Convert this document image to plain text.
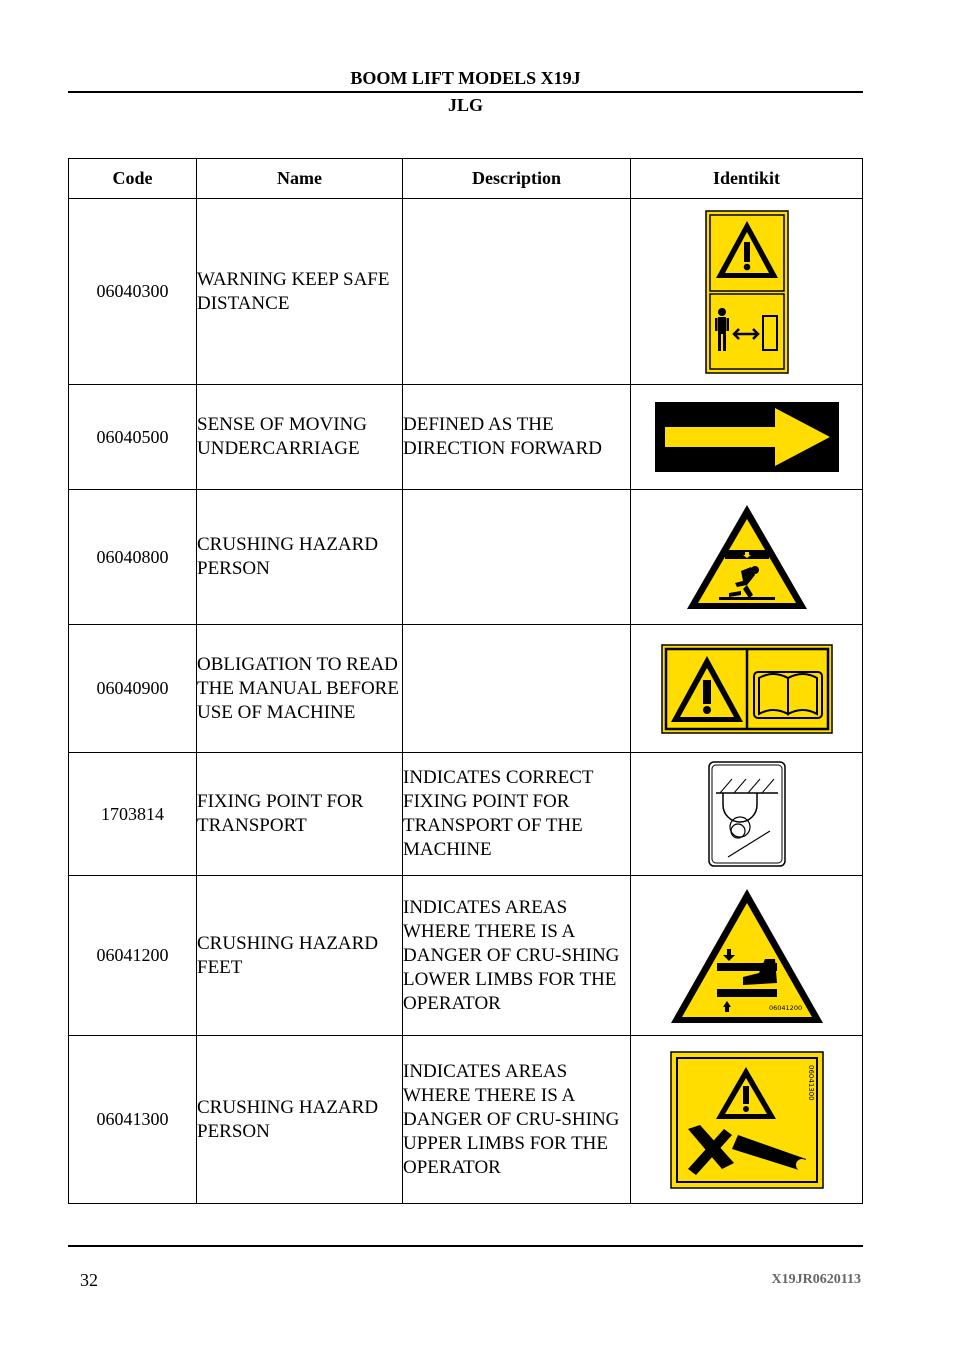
BOOM LIFT MODELS X19J
JLG
Code	Name	Description	Identikit
06040300	WARNING KEEP SAFE DISTANCE		
06040500	SENSE OF MOVING UNDERCARRIAGE	DEFINED AS THE DIRECTION FORWARD	
06040800	CRUSHING HAZARD PERSON		
06040900	OBLIGATION TO READ THE MANUAL BEFORE USE OF MACHINE		
1703814	FIXING POINT FOR TRANSPORT	INDICATES CORRECT FIXING POINT FOR TRANSPORT OF THE MACHINE	
06041200	CRUSHING HAZARD FEET	INDICATES AREAS WHERE THERE IS A DANGER OF CRU-SHING LOWER LIMBS FOR THE OPERATOR	06041200

06041300	CRUSHING HAZARD PERSON	INDICATES AREAS WHERE THERE IS A DANGER OF CRU-SHING UPPER LIMBS FOR THE OPERATOR	06041300
32	X19JR0620113
